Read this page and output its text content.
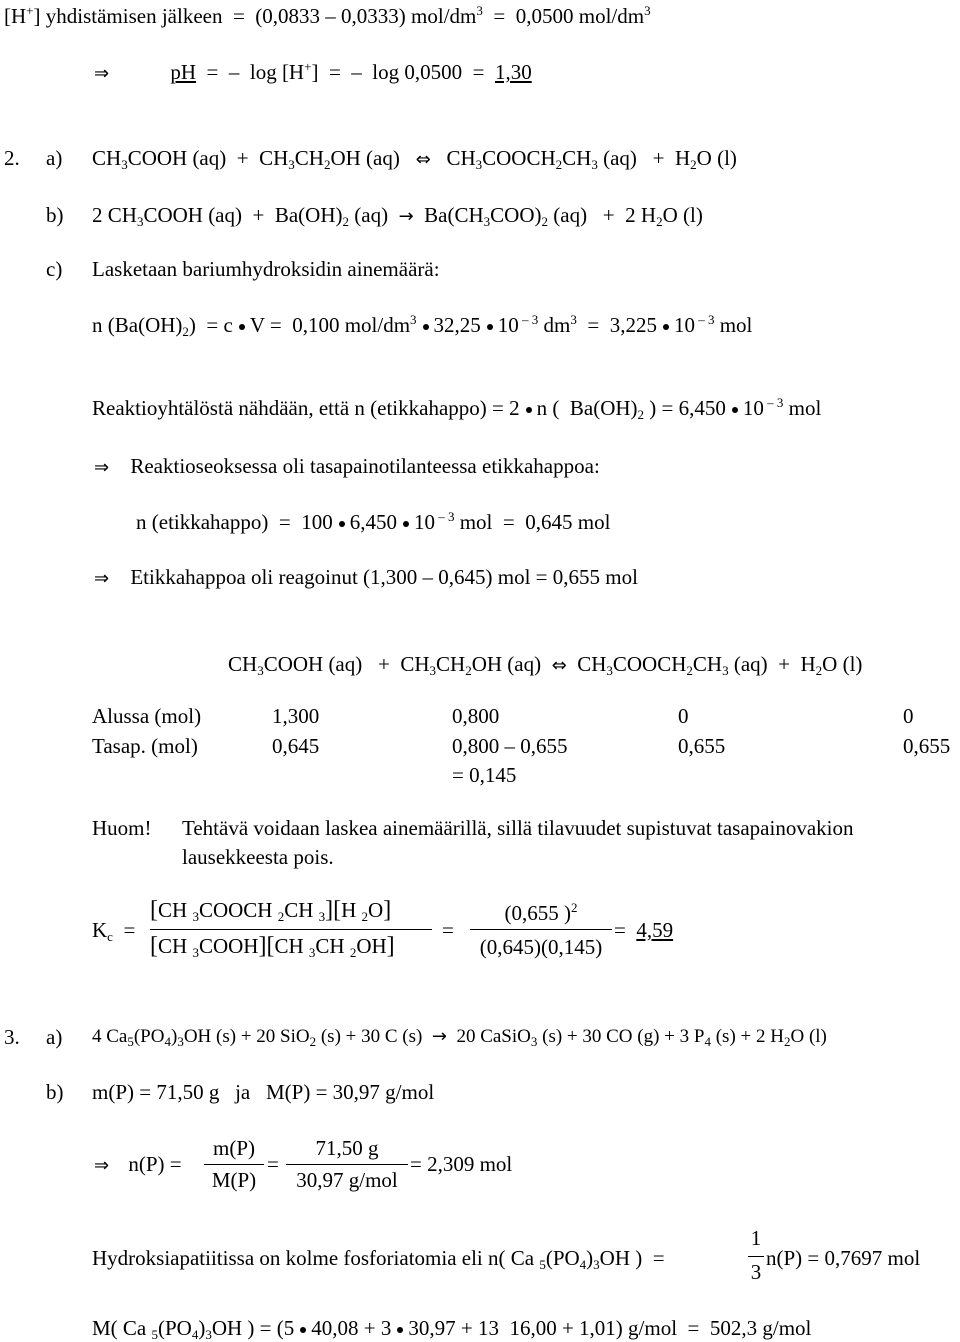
[H+] yhdistämisen jälkeen  =  (0,0833 – 0,0333) mol/$dm^3 = 0,0500$ mol/$dm^3$
⇒	pH  =  –  log [H+]  =  –  log 0,0500  =  1,30
2. a) $CH_3COOH$ $(aq) + CH_3CH_2OH$ (aq)   ⇔   $CH_3COOCH_2CH_3$ $(aq) + H_2O$ (l)
b) 2 $CH_3COOH$ $(aq) + Ba(OH)_2$ $(aq) \to Ba(CH_3COO)_2$ (aq)   +  2 $H_2O$ (l)
c) Lasketaan bariumhydroksidin ainemäärä:
n $(Ba(OH)_2) = c$ V =  0,100 mol/$dm^3$ 32,25 10 $^{- 3}$ $dm^3 = 3,225$ 10 $^{- 3}$ mol
Reaktioyhtälöstä nähdään, että n (etikkahappo) = 2 n (  $Ba(OH)_2$ ) = 6,450 10 $^{- 3}$ mol
⇒ Reaktioseoksessa oli tasapainotilanteessa etikkahappoa:
n (etikkahappo)  =  100 6,450 10 $^{- 3}$ mol  =  0,645 mol
⇒ Etikkahappoa oli reagoinut (1,300 – 0,645) mol = 0,655 mol
$CH_3COOH$ $(aq) + CH_3CH_2OH$ (aq)  ⇔  $CH_3COOCH_2CH_3$ $(aq) + H_2O$ (l)
Alussa (mol)	1,300	0,800	0	0
Tasap. (mol)	0,645	0,800 – 0,655	0,655	0,655
= 0,145
Huom! Tehtävä voidaan laskea ainemäärillä, sillä tilavuudet supistuvat tasapainovakion
lausekkeesta pois.
$K_c$  =
[CH $_3$COOCH $_2$CH $_3$][H $_2$O]
[CH $_3$COOH][CH $_3$CH $_2$OH]
=
(0,655 )$^2$
(0,645)(0,145)
=  4,59
3. a) 4 $Ca_5(PO_4)_3OH$ (s) + 20 SiO$_2$ (s) + 30 C (s)  →  20 CaSiO$_3$ (s) + 30 CO (g) + 3 $P_4$ (s) + 2 $H_2O$ (l)
b) m(P) = 71,50 g   ja   M(P) = 30,97 g/mol
⇒ n(P) =
m(P)
M(P)
=
71,50 g
30,97 g/mol
= 2,309 mol
Hydroksiapatiitissa on kolme fosforiatomia eli n( Ca $_5(PO_4)_3OH$ )  =
1
3
n(P) = 0,7697 mol
M( Ca $_5(PO_4)_3OH$ ) = (5 40,08 + 3 30,97 + 13  16,00 + 1,01) g/mol  =  502,3 g/mol
